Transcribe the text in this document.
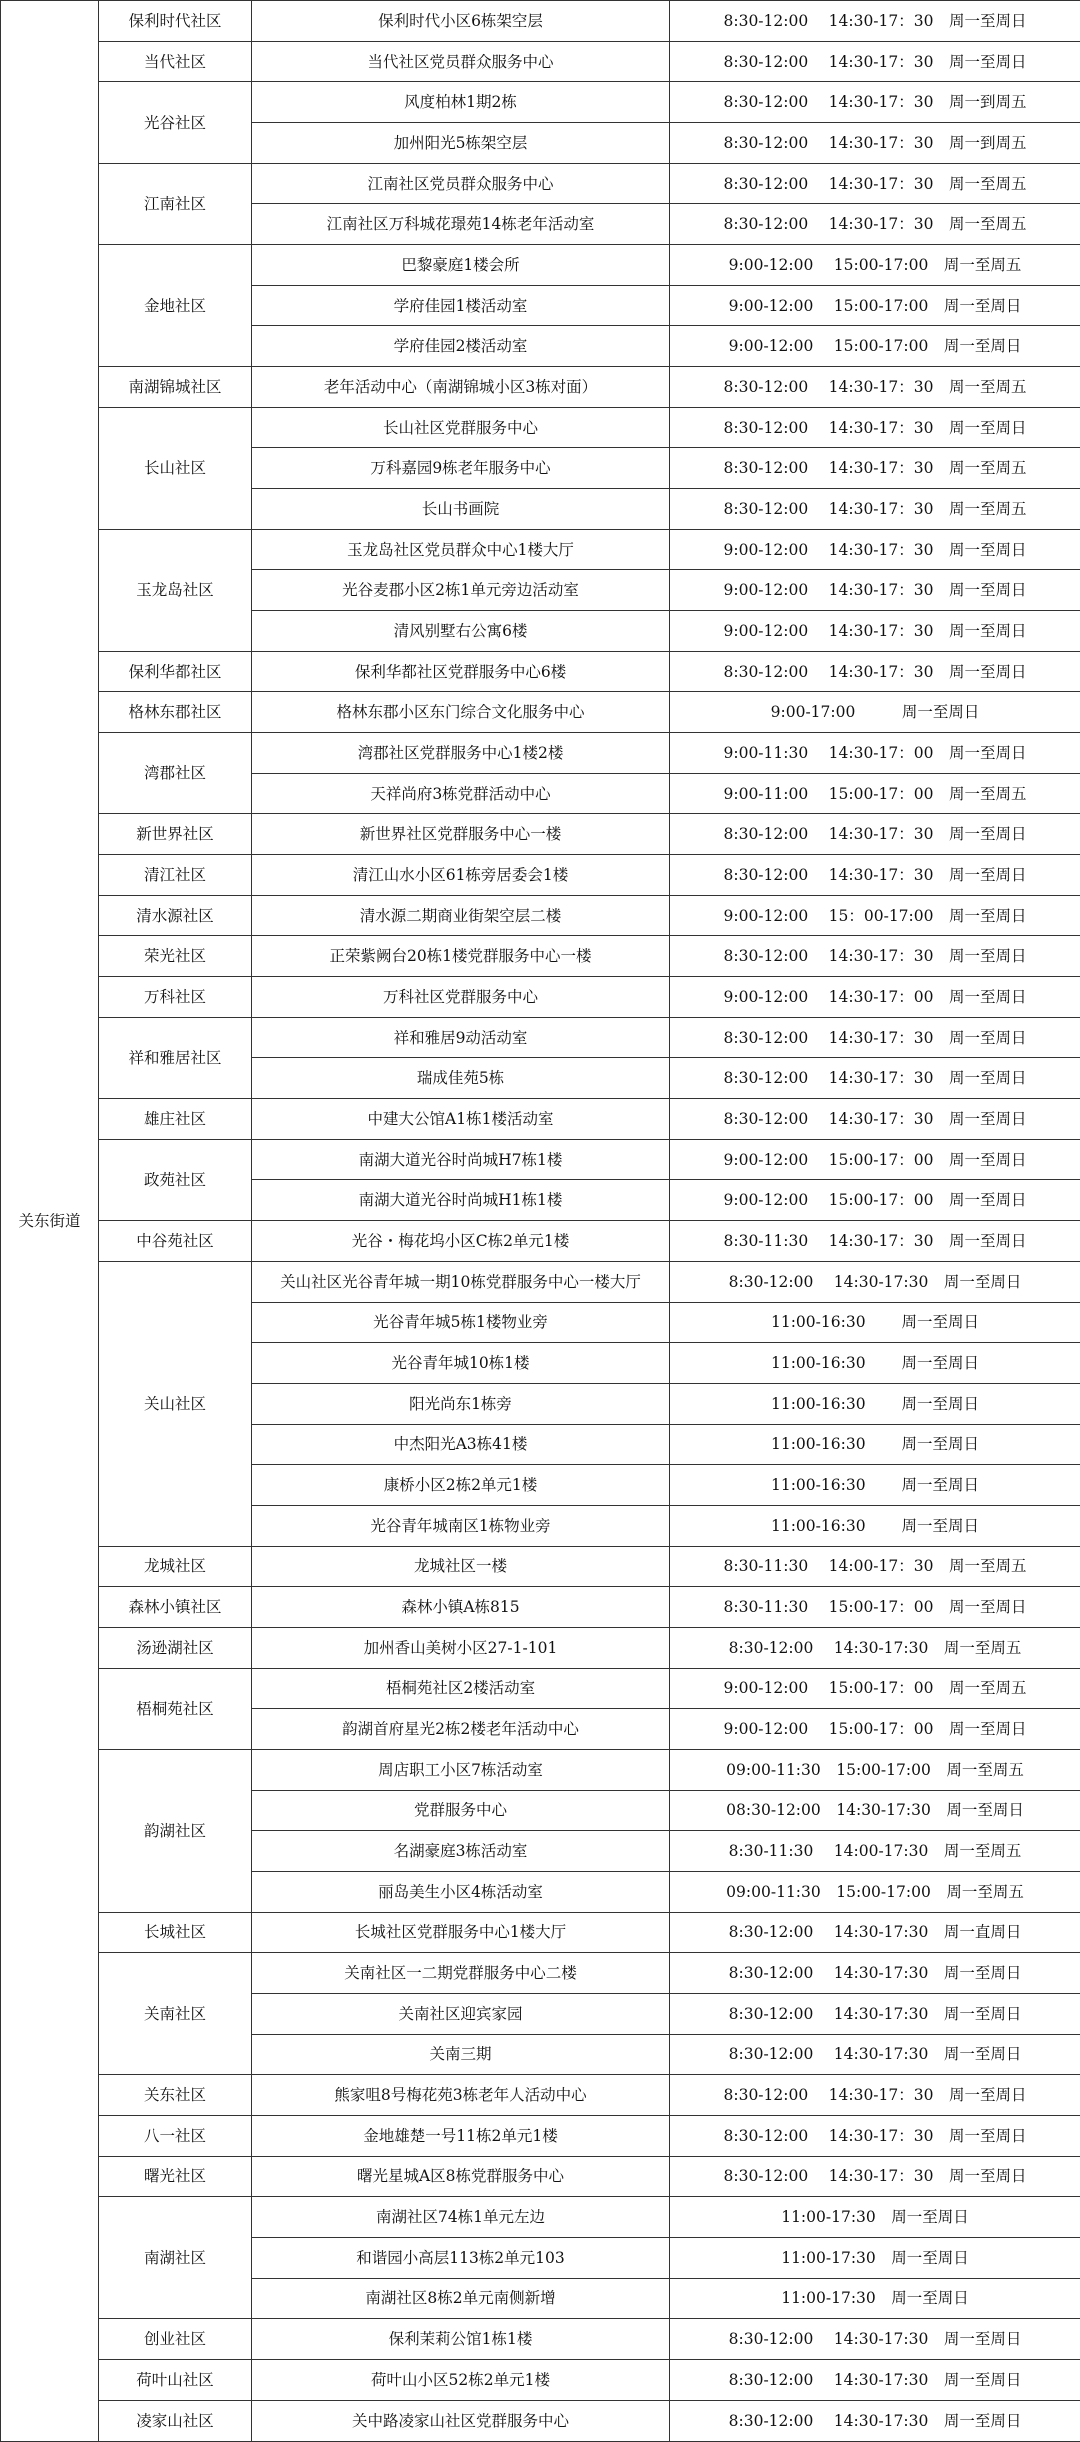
关东街道	保利时代社区	保利时代小区6栋架空层	8:30-12:00　 14:30-17：30　周一至周日
	当代社区	当代社区党员群众服务中心	8:30-12:00　 14:30-17：30　周一至周日
	光谷社区	风度柏林1期2栋	8:30-12:00　 14:30-17：30　周一到周五
		加州阳光5栋架空层	8:30-12:00　 14:30-17：30　周一到周五
	江南社区	江南社区党员群众服务中心	8:30-12:00　 14:30-17：30　周一至周五
		江南社区万科城花璟苑14栋老年活动室	8:30-12:00　 14:30-17：30　周一至周五
	金地社区	巴黎豪庭1楼会所	9:00-12:00　 15:00-17:00　周一至周五
		学府佳园1楼活动室	9:00-12:00　 15:00-17:00　周一至周日
		学府佳园2楼活动室	9:00-12:00　 15:00-17:00　周一至周日
	南湖锦城社区	老年活动中心（南湖锦城小区3栋对面）	8:30-12:00　 14:30-17：30　周一至周五
	长山社区	长山社区党群服务中心	8:30-12:00　 14:30-17：30　周一至周日
		万科嘉园9栋老年服务中心	8:30-12:00　 14:30-17：30　周一至周五
		长山书画院	8:30-12:00　 14:30-17：30　周一至周五
	玉龙岛社区	玉龙岛社区党员群众中心1楼大厅	9:00-12:00　 14:30-17：30　周一至周日
		光谷麦郡小区2栋1单元旁边活动室	9:00-12:00　 14:30-17：30　周一至周日
		清风别墅右公寓6楼	9:00-12:00　 14:30-17：30　周一至周日
	保利华都社区	保利华都社区党群服务中心6楼	8:30-12:00　 14:30-17：30　周一至周日
	格林东郡社区	格林东郡小区东门综合文化服务中心	9:00-17:00　　　周一至周日
	湾郡社区	湾郡社区党群服务中心1楼2楼	9:00-11:30　 14:30-17：00　周一至周日
		天祥尚府3栋党群活动中心	9:00-11:00　 15:00-17：00　周一至周五
	新世界社区	新世界社区党群服务中心一楼	8:30-12:00　 14:30-17：30　周一至周日
	清江社区	清江山水小区61栋旁居委会1楼	8:30-12:00　 14:30-17：30　周一至周日
	清水源社区	清水源二期商业街架空层二楼	9:00-12:00　 15：00-17:00　周一至周日
	荣光社区	正荣紫阙台20栋1楼党群服务中心一楼	8:30-12:00　 14:30-17：30　周一至周日
	万科社区	万科社区党群服务中心	9:00-12:00　 14:30-17：00　周一至周日
	祥和雅居社区	祥和雅居9动活动室	8:30-12:00　 14:30-17：30　周一至周日
		瑞成佳苑5栋	8:30-12:00　 14:30-17：30　周一至周日
	雄庄社区	中建大公馆A1栋1楼活动室	8:30-12:00　 14:30-17：30　周一至周日
	政苑社区	南湖大道光谷时尚城H7栋1楼	9:00-12:00　 15:00-17：00　周一至周日
		南湖大道光谷时尚城H1栋1楼	9:00-12:00　 15:00-17：00　周一至周日
	中谷苑社区	光谷・梅花坞小区C栋2单元1楼	8:30-11:30　 14:30-17：30　周一至周日
	关山社区	关山社区光谷青年城一期10栋党群服务中心一楼大厅	8:30-12:00　 14:30-17:30　周一至周日
		光谷青年城5栋1楼物业旁	11:00-16:30　　 周一至周日
		光谷青年城10栋1楼	11:00-16:30　　 周一至周日
		阳光尚东1栋旁	11:00-16:30　　 周一至周日
		中杰阳光A3栋41楼	11:00-16:30　　 周一至周日
		康桥小区2栋2单元1楼	11:00-16:30　　 周一至周日
		光谷青年城南区1栋物业旁	11:00-16:30　　 周一至周日
	龙城社区	龙城社区一楼	8:30-11:30　 14:00-17：30　周一至周五
	森林小镇社区	森林小镇A栋815	8:30-11:30　 15:00-17：00　周一至周日
	汤逊湖社区	加州香山美树小区27-1-101	8:30-12:00　 14:30-17:30　周一至周五
	梧桐苑社区	梧桐苑社区2楼活动室	9:00-12:00　 15:00-17：00　周一至周五
		韵湖首府星光2栋2楼老年活动中心	9:00-12:00　 15:00-17：00　周一至周日
	韵湖社区	周店职工小区7栋活动室	09:00-11:30　15:00-17:00　周一至周五
		党群服务中心	08:30-12:00　14:30-17:30　周一至周日
		名湖豪庭3栋活动室	8:30-11:30　 14:00-17:30　周一至周五
		丽岛美生小区4栋活动室	09:00-11:30　15:00-17:00　周一至周五
	长城社区	长城社区党群服务中心1楼大厅	8:30-12:00　 14:30-17:30　周一直周日
	关南社区	关南社区一二期党群服务中心二楼	8:30-12:00　 14:30-17:30　周一至周日
		关南社区迎宾家园	8:30-12:00　 14:30-17:30　周一至周日
		关南三期	8:30-12:00　 14:30-17:30　周一至周日
	关东社区	熊家咀8号梅花苑3栋老年人活动中心	8:30-12:00　 14:30-17：30　周一至周日
	八一社区	金地雄楚一号11栋2单元1楼	8:30-12:00　 14:30-17：30　周一至周日
	曙光社区	曙光星城A区8栋党群服务中心	8:30-12:00　 14:30-17：30　周一至周日
	南湖社区	南湖社区74栋1单元左边	11:00-17:30　周一至周日
		和谐园小高层113栋2单元103	11:00-17:30　周一至周日
		南湖社区8栋2单元南侧新增	11:00-17:30　周一至周日
	创业社区	保利茉莉公馆1栋1楼	8:30-12:00　 14:30-17:30　周一至周日
	荷叶山社区	荷叶山小区52栋2单元1楼	8:30-12:00　 14:30-17:30　周一至周日
	凌家山社区	关中路凌家山社区党群服务中心	8:30-12:00　 14:30-17:30　周一至周日
